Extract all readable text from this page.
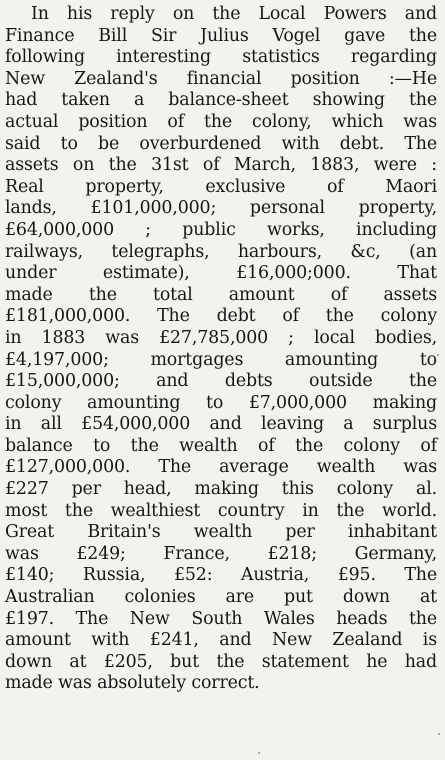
In his reply on the Local Powers and
Finance Bill Sir Julius Vogel gave the
following interesting statistics regarding
New Zealand's financial position :—He
had taken a balance-sheet showing the
actual position of the colony, which was
said to be overburdened with debt. The
assets on the 31st of March, 1883, were :
Real property, exclusive of Maori
lands, £101,000,000; personal property,
£64,000,000 ; public works, including
railways, telegraphs, harbours, &c, (an
under estimate), £16,000;000. That
made the total amount of assets
£181,000,000. The debt of the colony
in 1883 was £27,785,000 ; local bodies,
£4,197,000; mortgages amounting to
£15,000,000; and debts outside the
colony amounting to £7,000,000 making
in all £54,000,000 and leaving a surplus
balance to the wealth of the colony of
£127,000,000. The average wealth was
£227 per head, making this colony al.
most the wealthiest country in the world.
Great Britain's wealth per inhabitant
was £249; France, £218; Germany,
£140; Russia, £52: Austria, £95. The
Australian colonies are put down at
£197. The New South Wales heads the
amount with £241, and New Zealand is
down at £205, but the statement he had
made was absolutely correct.
